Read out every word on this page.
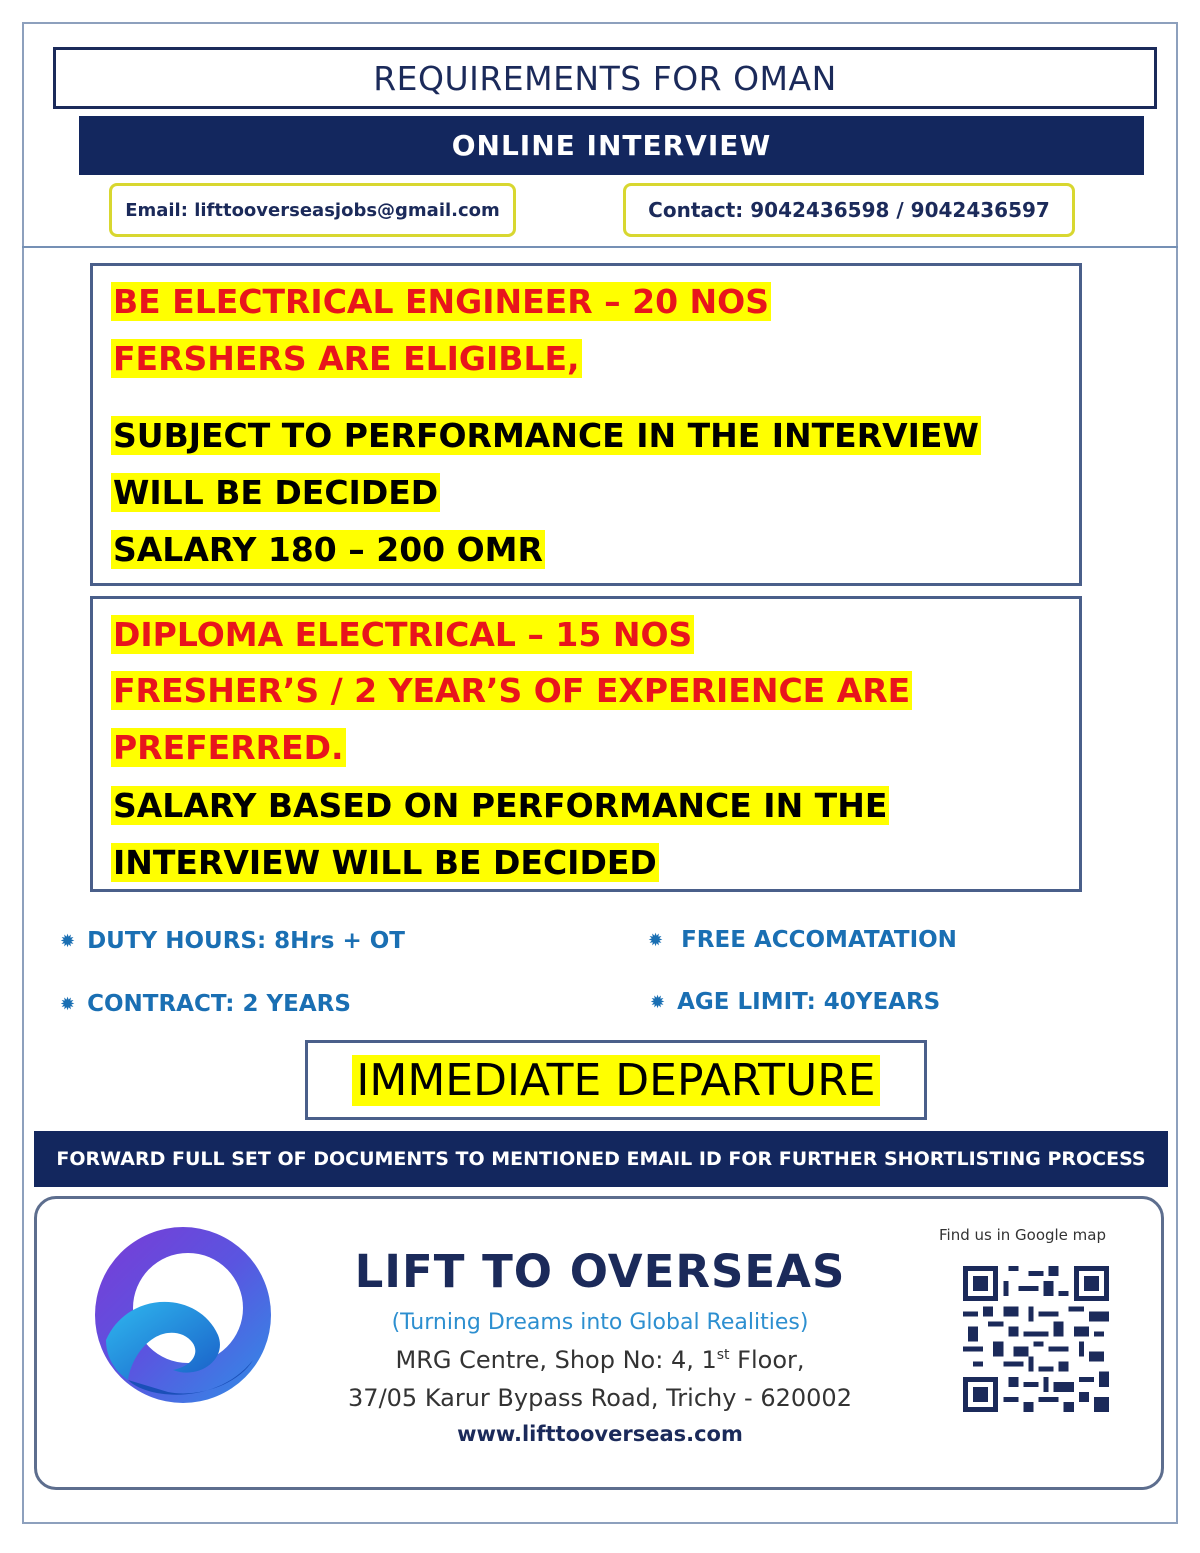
REQUIREMENTS FOR OMAN
ONLINE INTERVIEW
Email: lifttooverseasjobs@gmail.com	Contact: 9042436598 / 9042436597
BE ELECTRICAL ENGINEER – 20 NOS
FERSHERS ARE ELIGIBLE,
SUBJECT TO PERFORMANCE IN THE INTERVIEW
WILL BE DECIDED
SALARY 180 – 200 OMR
DIPLOMA ELECTRICAL – 15 NOS
FRESHER’S / 2 YEAR’S OF EXPERIENCE ARE
PREFERRED.
SALARY BASED ON PERFORMANCE IN THE
INTERVIEW WILL BE DECIDED
✹ DUTY HOURS: 8Hrs + OT	✹ FREE ACCOMATATION
✹ CONTRACT: 2 YEARS	✹ AGE LIMIT: 40YEARS
IMMEDIATE DEPARTURE
FORWARD FULL SET OF DOCUMENTS TO MENTIONED EMAIL ID FOR FURTHER SHORTLISTING PROCESS
LIFT TO OVERSEAS
(Turning Dreams into Global Realities)
MRG Centre, Shop No: 4, 1st Floor,
37/05 Karur Bypass Road, Trichy - 620002
www.lifttooverseas.com
Find us in Google map
